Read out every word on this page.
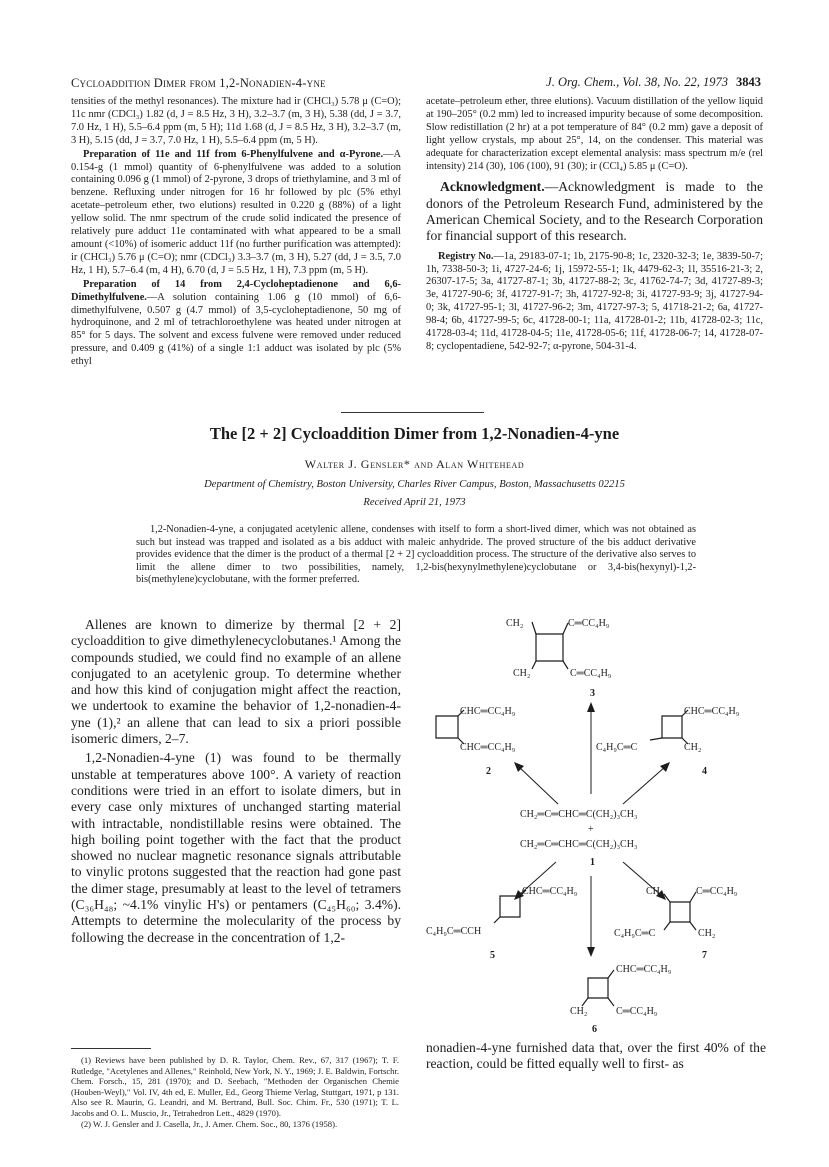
Cycloaddition Dimer from 1,2-Nonadien-4-yne	J. Org. Chem., Vol. 38, No. 22, 1973 3843

tensities of the methyl resonances). The mixture had ir (CHCl₃) 5.78 μ (C=O); 11c nmr (CDCl₃) 1.82 (d, J = 8.5 Hz, 3 H), 3.2–3.7 (m, 3 H), 5.38 (dd, J = 3.7, 7.0 Hz, 1 H), 5.5–6.4 ppm (m, 5 H); 11d 1.68 (d, J = 8.5 Hz, 3 H), 3.2–3.7 (m, 3 H), 5.15 (dd, J = 3.7, 7.0 Hz, 1 H), 5.5–6.4 ppm (m, 5 H).

Preparation of 11e and 11f from 6-Phenylfulvene and α-Pyrone.—A 0.154-g (1 mmol) quantity of 6-phenylfulvene was added to a solution containing 0.096 g (1 mmol) of 2-pyrone, 3 drops of triethylamine, and 3 ml of benzene. Refluxing under nitrogen for 16 hr followed by plc (5% ethyl acetate–petroleum ether, two elutions) resulted in 0.220 g (88%) of a light yellow solid. The nmr spectrum of the crude solid indicated the presence of relatively pure adduct 11e contaminated with what appeared to be a small amount (<10%) of isomeric adduct 11f (no further purification was attempted): ir (CHCl₃) 5.76 μ (C=O); nmr (CDCl₃) 3.3–3.7 (m, 3 H), 5.27 (dd, J = 3.5, 7.0 Hz, 1 H), 5.7–6.4 (m, 4 H), 6.70 (d, J = 5.5 Hz, 1 H), 7.3 ppm (m, 5 H).

Preparation of 14 from 2,4-Cycloheptadienone and 6,6-Dimethylfulvene.—A solution containing 1.06 g (10 mmol) of 6,6-dimethylfulvene, 0.507 g (4.7 mmol) of 3,5-cycloheptadienone, 50 mg of hydroquinone, and 2 ml of tetrachloroethylene was heated under nitrogen at 85° for 5 days. The solvent and excess fulvene were removed under reduced pressure, and 0.409 g (41%) of a single 1:1 adduct was isolated by plc (5% ethyl

acetate–petroleum ether, three elutions). Vacuum distillation of the yellow liquid at 190–205° (0.2 mm) led to increased impurity because of some decomposition. Slow redistillation (2 hr) at a pot temperature of 84° (0.2 mm) gave a deposit of light yellow crystals, mp about 25°, 14, on the condenser. This material was adequate for characterization except elemental analysis: mass spectrum m/e (rel intensity) 214 (30), 106 (100), 91 (30); ir (CCl₄) 5.85 μ (C=O).

Acknowledgment.—Acknowledgment is made to the donors of the Petroleum Research Fund, administered by the American Chemical Society, and to the Research Corporation for financial support of this research.

Registry No.—1a, 29183-07-1; 1b, 2175-90-8; 1c, 2320-32-3; 1e, 3839-50-7; 1h, 7338-50-3; 1i, 4727-24-6; 1j, 15972-55-1; 1k, 4479-62-3; 1l, 35516-21-3; 2, 26307-17-5; 3a, 41727-87-1; 3b, 41727-88-2; 3c, 41762-74-7; 3d, 41727-89-3; 3e, 41727-90-6; 3f, 41727-91-7; 3h, 41727-92-8; 3i, 41727-93-9; 3j, 41727-94-0; 3k, 41727-95-1; 3l, 41727-96-2; 3m, 41727-97-3; 5, 41718-21-2; 6a, 41727-98-4; 6b, 41727-99-5; 6c, 41728-00-1; 11a, 41728-01-2; 11b, 41728-02-3; 11c, 41728-03-4; 11d, 41728-04-5; 11e, 41728-05-6; 11f, 41728-06-7; 14, 41728-07-8; cyclopentadiene, 542-92-7; α-pyrone, 504-31-4.

The [2 + 2] Cycloaddition Dimer from 1,2-Nonadien-4-yne
Walter J. Gensler* and Alan Whitehead
Department of Chemistry, Boston University, Charles River Campus, Boston, Massachusetts 02215
Received April 21, 1973
1,2-Nonadien-4-yne, a conjugated acetylenic allene, condenses with itself to form a short-lived dimer, which was not obtained as such but instead was trapped and isolated as a bis adduct with maleic anhydride. The proved structure of the bis adduct derivative provides evidence that the dimer is the product of a thermal [2 + 2] cycloaddition process. The structure of the derivative also serves to limit the allene dimer to two possibilities, namely, 1,2-bis(hexynylmethylene)cyclobutane or 3,4-bis(hexynyl)-1,2-bis(methylene)cyclobutane, with the former preferred.

Allenes are known to dimerize by thermal [2 + 2] cycloaddition to give dimethylenecyclobutanes.¹ Among the compounds studied, we could find no example of an allene conjugated to an acetylenic group. To determine whether and how this kind of conjugation might affect the reaction, we undertook to examine the behavior of 1,2-nonadien-4-yne (1),² an allene that can lead to six a priori possible isomeric dimers, 2–7.

1,2-Nonadien-4-yne (1) was found to be thermally unstable at temperatures above 100°. A variety of reaction conditions were tried in an effort to isolate dimers, but in every case only mixtures of unchanged starting material with intractable, nondistillable resins were obtained. The high boiling point together with the fact that the product showed no nuclear magnetic resonance signals attributable to vinylic protons suggested that the reaction had gone past the dimer stage, presumably at least to the level of tetramers (C₃₆H₄₈; ~4.1% vinylic H's) or pentamers (C₄₅H₆₀; 3.4%). Attempts to determine the molecularity of the process by following the decrease in the concentration of 1,2-

(1) Reviews have been published by D. R. Taylor, Chem. Rev., 67, 317 (1967); T. F. Rutledge, "Acetylenes and Allenes," Reinhold, New York, N. Y., 1969; J. E. Baldwin, Fortschr. Chem. Forsch., 15, 281 (1970); and D. Seebach, "Methoden der Organischen Chemie (Houben-Weyl)," Vol. IV, 4th ed, E. Muller, Ed., Georg Thieme Verlag, Stuttgart, 1971, p 131. Also see R. Maurin, G. Leandri, and M. Bertrand, Bull. Soc. Chim. Fr., 530 (1971); T. L. Jacobs and O. L. Muscio, Jr., Tetrahedron Lett., 4829 (1970).

(2) W. J. Gensler and J. Casella, Jr., J. Amer. Chem. Soc., 80, 1376 (1958).

CH₂	C═CC₄H₉
CH₂	C═CC₄H₉
3
CHC═CC₄H₉
CHC═CC₄H₉
2
CHC═CC₄H₉
C₄H₉C═C	CH₂
4
CH₂═C═CHC═C(CH₂)₃CH₃
+
CH₂═C═CHC═C(CH₂)₃CH₃
1
CHC═CC₄H₉
C₄H₉C═CCH
5
CH₂	C═CC₄H₉
C₄H₉C═C	CH₂
7
CHC═CC₄H₉
CH₂	C═CC₄H₉
6
nonadien-4-yne furnished data that, over the first 40% of the reaction, could be fitted equally well to first- as
